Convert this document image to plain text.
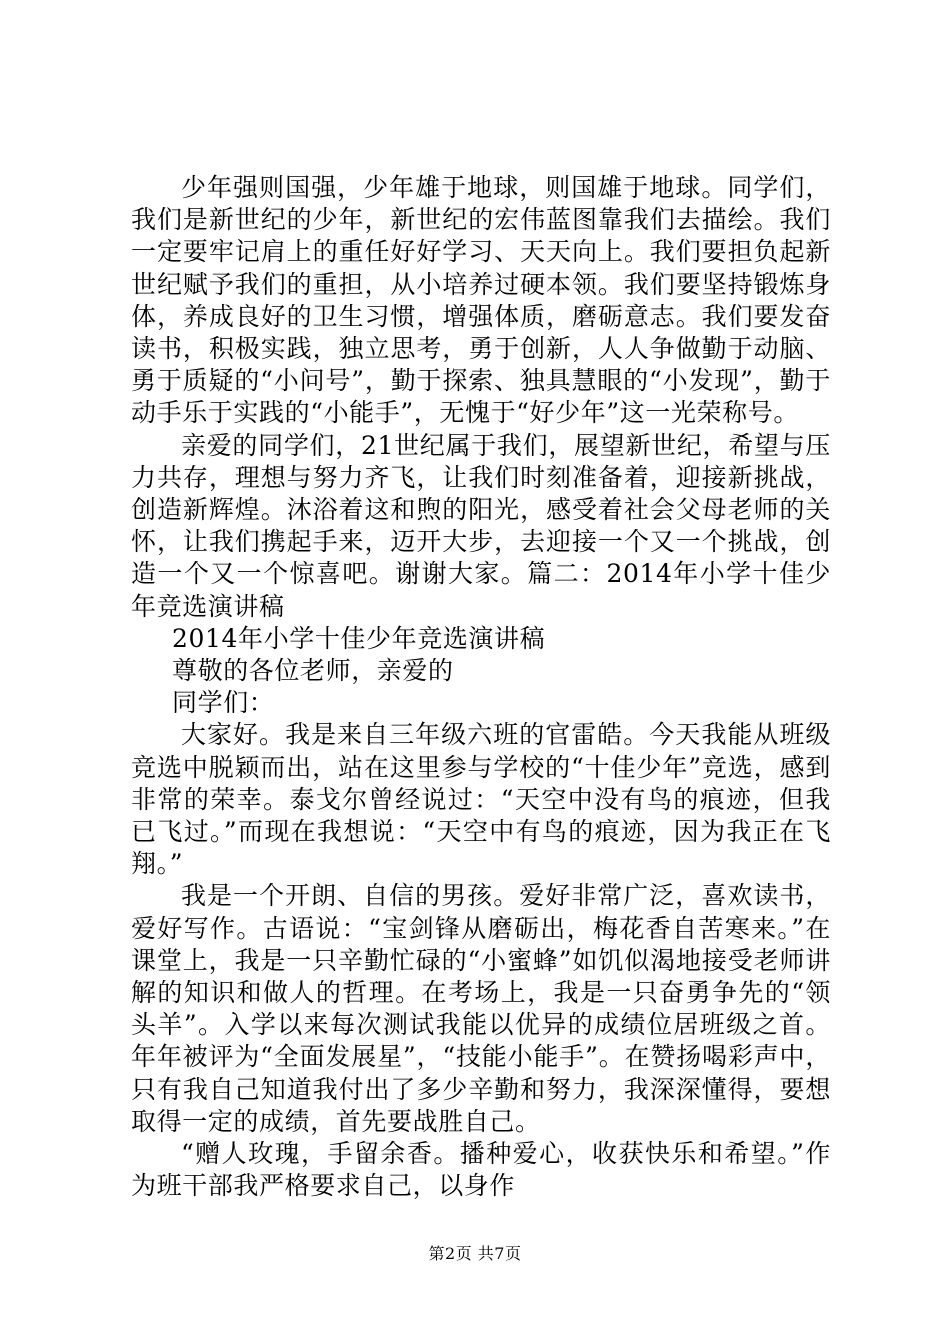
少年强则国强，少年雄于地球，则国雄于地球。同学们，我们是新世纪的少年，新世纪的宏伟蓝图靠我们去描绘。我们一定要牢记肩上的重任好好学习、天天向上。我们要担负起新世纪赋予我们的重担，从小培养过硬本领。我们要坚持锻炼身体，养成良好的卫生习惯，增强体质，磨砺意志。我们要发奋读书，积极实践，独立思考，勇于创新，人人争做勤于动脑、勇于质疑的“小问号”，勤于探索、独具慧眼的“小发现”，勤于动手乐于实践的“小能手”，无愧于“好少年”这一光荣称号。

亲爱的同学们，21世纪属于我们，展望新世纪，希望与压力共存，理想与努力齐飞，让我们时刻准备着，迎接新挑战，创造新辉煌。沐浴着这和煦的阳光，感受着社会父母老师的关怀，让我们携起手来，迈开大步，去迎接一个又一个挑战，创造一个又一个惊喜吧。谢谢大家。篇二：2014年小学十佳少年竞选演讲稿

2014年小学十佳少年竞选演讲稿

尊敬的各位老师，亲爱的

同学们：

大家好。我是来自三年级六班的官雷皓。今天我能从班级竞选中脱颖而出，站在这里参与学校的“十佳少年”竞选，感到非常的荣幸。泰戈尔曾经说过：“天空中没有鸟的痕迹，但我已飞过。”而现在我想说：“天空中有鸟的痕迹，因为我正在飞翔。”

我是一个开朗、自信的男孩。爱好非常广泛，喜欢读书，爱好写作。古语说：“宝剑锋从磨砺出，梅花香自苦寒来。”在课堂上，我是一只辛勤忙碌的“小蜜蜂”如饥似渴地接受老师讲解的知识和做人的哲理。在考场上，我是一只奋勇争先的“领头羊”。入学以来每次测试我能以优异的成绩位居班级之首。年年被评为“全面发展星”，“技能小能手”。在赞扬喝彩声中，只有我自己知道我付出了多少辛勤和努力，我深深懂得，要想取得一定的成绩，首先要战胜自己。

“赠人玫瑰，手留余香。播种爱心，收获快乐和希望。”作为班干部我严格要求自己，以身作

第2页 共7页
